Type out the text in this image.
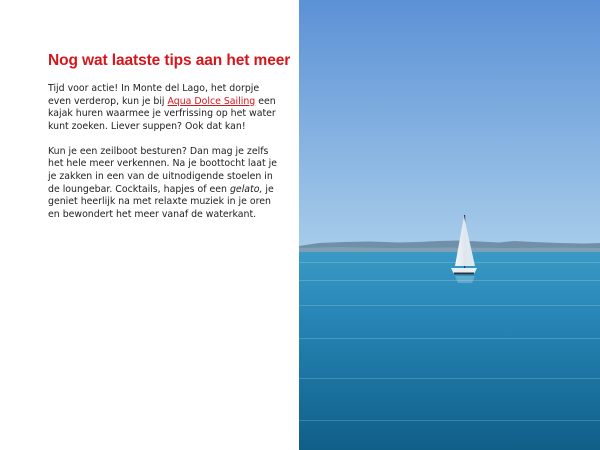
Nog wat laatste tips aan het meer

Tijd voor actie! In Monte del Lago, het dorpje even verderop, kun je bij Aqua Dolce Sailing een kajak huren waarmee je verfrissing op het water kunt zoeken. Liever suppen? Ook dat kan!

Kun je een zeilboot besturen? Dan mag je zelfs het hele meer verkennen. Na je boottocht laat je je zakken in een van de uitnodigende stoelen in de loungebar. Cocktails, hapjes of een gelato, je geniet heerlijk na met relaxte muziek in je oren en bewondert het meer vanaf de waterkant.
